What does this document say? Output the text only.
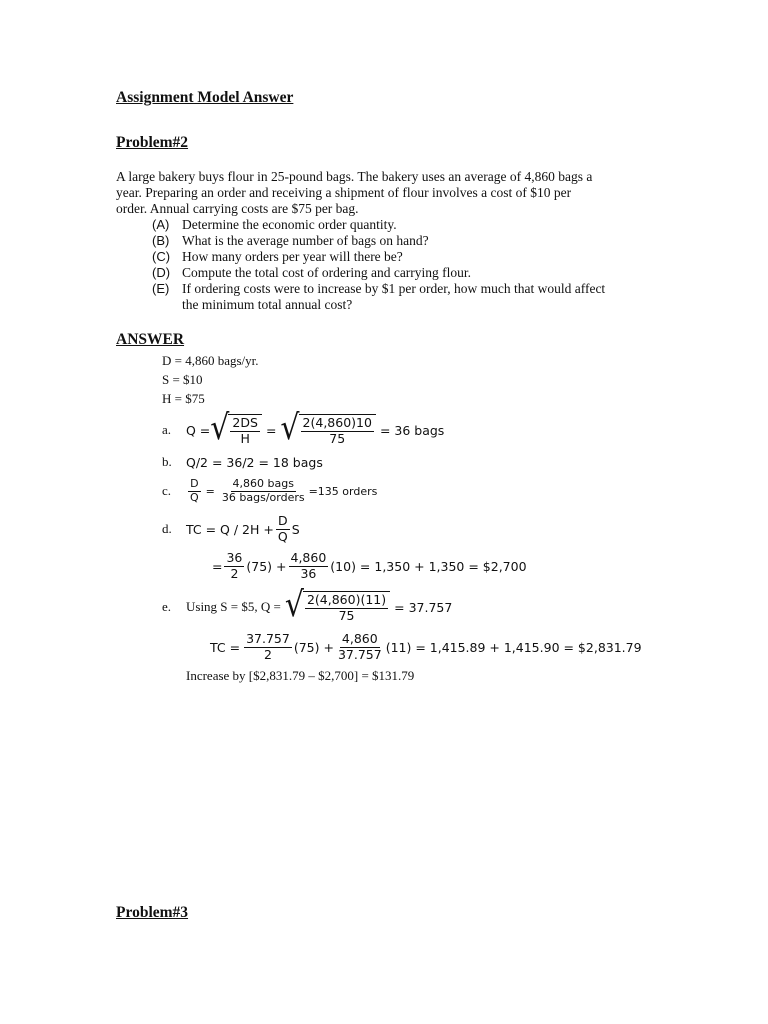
Assignment Model Answer
Problem#2
A large bakery buys flour in 25-pound bags. The bakery uses an average of 4,860 bags a
year. Preparing an order and receiving a shipment of flour involves a cost of $10 per
order. Annual carrying costs are $75 per bag.
(A) Determine the economic order quantity.
(B) What is the average number of bags on hand?
(C) How many orders per year will there be?
(D) Compute the total cost of ordering and carrying flour.
(E) If ordering costs were to increase by $1 per order, how much that would affect
the minimum total annual cost?
ANSWER
D = 4,860 bags/yr.
S = $10
H = $75
a.	Q = √ $\frac{2DS}{H}$ = √ $\frac{2(4,860)10}{75} = 36$ bags
b.	Q/2 = 36/2 = 18 bags
c.	$\frac{D}{Q} = \frac{\text{4,860 bags}}{\text{36 bags/orders}} =135$ orders
d.	TC = $Q / 2H + \frac{D}{Q}$ S
= $\frac{36}{2} (75) + \frac{4,860}{36} (10) = 1,350 + 1,350$ = $2,700
e.	Using S = $5, Q = √ $\frac{2(4,860)(11)}{75} = 37.757$
TC = $\frac{37.757}{2} (75) + \frac{4,860}{37.757} (11) = 1,415.89 + 1,415.90$ = $2,831.79
Increase by [$2,831.79 – $2,700] = $131.79
Problem#3
